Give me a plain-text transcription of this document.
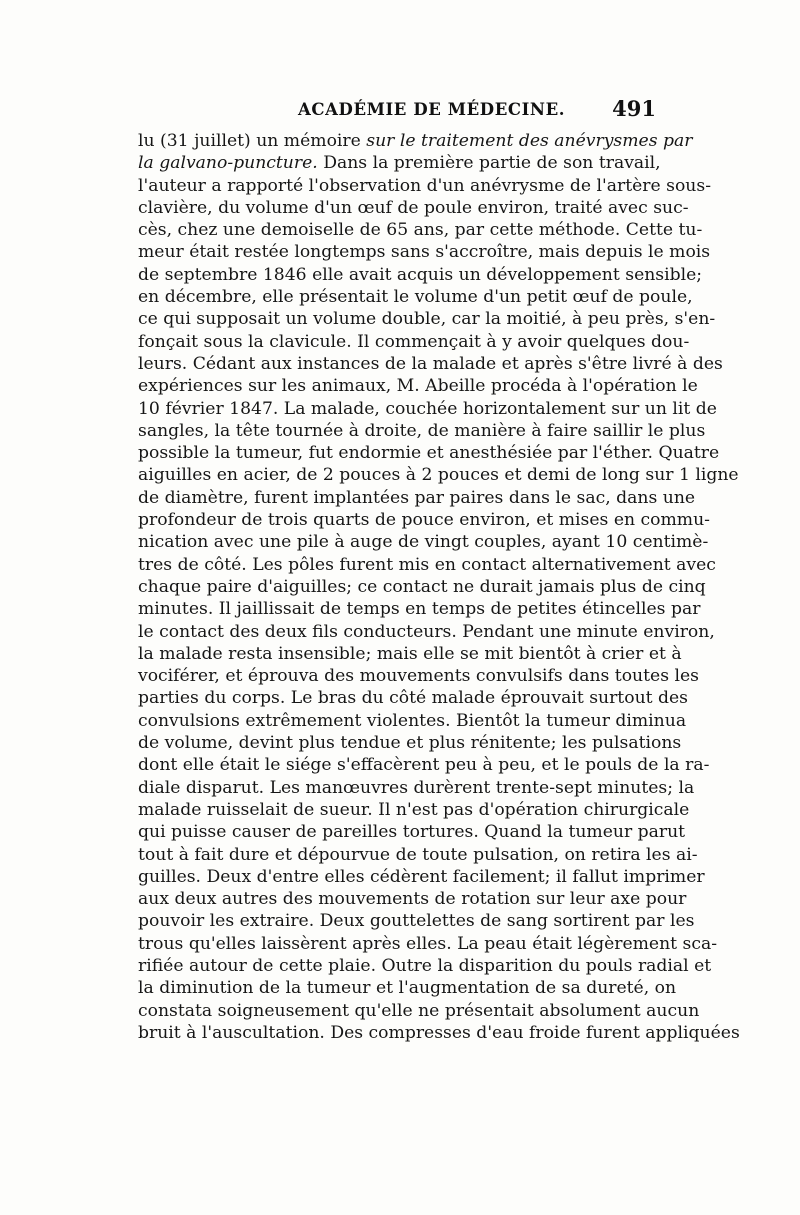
ACADÉMIE DE MÉDECINE. 491
lu (31 juillet) un mémoire sur le traitement des anévrysmes par
la galvano-puncture. Dans la première partie de son travail,
l'auteur a rapporté l'observation d'un anévrysme de l'artère sous-
clavière, du volume d'un œuf de poule environ, traité avec suc-
cès, chez une demoiselle de 65 ans, par cette méthode. Cette tu-
meur était restée longtemps sans s'accroître, mais depuis le mois
de septembre 1846 elle avait acquis un développement sensible;
en décembre, elle présentait le volume d'un petit œuf de poule,
ce qui supposait un volume double, car la moitié, à peu près, s'en-
fonçait sous la clavicule. Il commençait à y avoir quelques dou-
leurs. Cédant aux instances de la malade et après s'être livré à des
expériences sur les animaux, M. Abeille procéda à l'opération le
10 février 1847. La malade, couchée horizontalement sur un lit de
sangles, la tête tournée à droite, de manière à faire saillir le plus
possible la tumeur, fut endormie et anesthésiée par l'éther. Quatre
aiguilles en acier, de 2 pouces à 2 pouces et demi de long sur 1 ligne
de diamètre, furent implantées par paires dans le sac, dans une
profondeur de trois quarts de pouce environ, et mises en commu-
nication avec une pile à auge de vingt couples, ayant 10 centimè-
tres de côté. Les pôles furent mis en contact alternativement avec
chaque paire d'aiguilles; ce contact ne durait jamais plus de cinq
minutes. Il jaillissait de temps en temps de petites étincelles par
le contact des deux fils conducteurs. Pendant une minute environ,
la malade resta insensible; mais elle se mit bientôt à crier et à
vociférer, et éprouva des mouvements convulsifs dans toutes les
parties du corps. Le bras du côté malade éprouvait surtout des
convulsions extrêmement violentes. Bientôt la tumeur diminua
de volume, devint plus tendue et plus rénitente; les pulsations
dont elle était le siége s'effacèrent peu à peu, et le pouls de la ra-
diale disparut. Les manœuvres durèrent trente-sept minutes; la
malade ruisselait de sueur. Il n'est pas d'opération chirurgicale
qui puisse causer de pareilles tortures. Quand la tumeur parut
tout à fait dure et dépourvue de toute pulsation, on retira les ai-
guilles. Deux d'entre elles cédèrent facilement; il fallut imprimer
aux deux autres des mouvements de rotation sur leur axe pour
pouvoir les extraire. Deux gouttelettes de sang sortirent par les
trous qu'elles laissèrent après elles. La peau était légèrement sca-
rifiée autour de cette plaie. Outre la disparition du pouls radial et
la diminution de la tumeur et l'augmentation de sa dureté, on
constata soigneusement qu'elle ne présentait absolument aucun
bruit à l'auscultation. Des compresses d'eau froide furent appliquées
